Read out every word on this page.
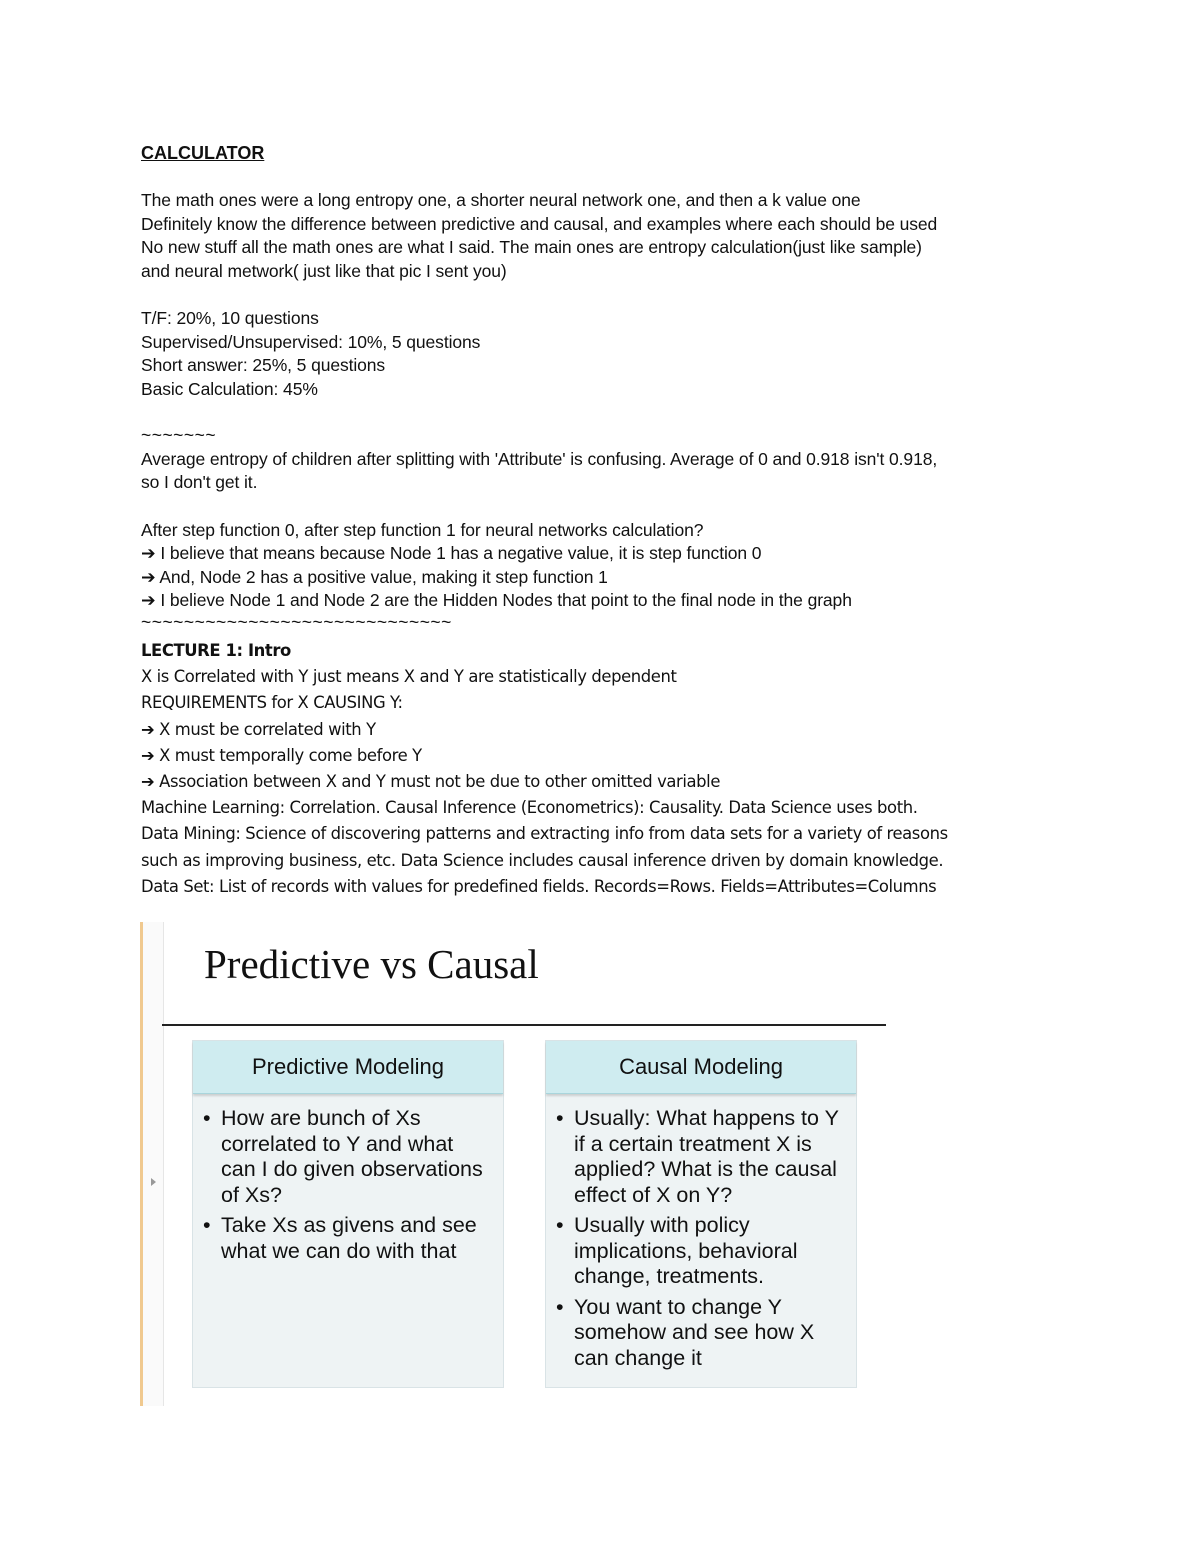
CALCULATOR

The math ones were a long entropy one, a shorter neural network one, and then a k value one

Definitely know the difference between predictive and causal, and examples where each should be used

No new stuff all the math ones are what I said. The main ones are entropy calculation(just like sample)

and neural metwork( just like that pic I sent you)

T/F: 20%, 10 questions

Supervised/Unsupervised: 10%, 5 questions

Short answer: 25%, 5 questions

Basic Calculation: 45%

~~~~~~~

Average entropy of children after splitting with 'Attribute' is confusing. Average of 0 and 0.918 isn't 0.918,

so I don't get it.

After step function 0, after step function 1 for neural networks calculation?

➔ I believe that means because Node 1 has a negative value, it is step function 0

➔ And, Node 2 has a positive value, making it step function 1

➔ I believe Node 1 and Node 2 are the Hidden Nodes that point to the final node in the graph

~~~~~~~~~~~~~~~~~~~~~~~~~~~~~

LECTURE 1: Intro

X is Correlated with Y just means X and Y are statistically dependent

REQUIREMENTS for X CAUSING Y:

➔ X must be correlated with Y

➔ X must temporally come before Y

➔ Association between X and Y must not be due to other omitted variable

Machine Learning: Correlation. Causal Inference (Econometrics): Causality. Data Science uses both.

Data Mining: Science of discovering patterns and extracting info from data sets for a variety of reasons

such as improving business, etc. Data Science includes causal inference driven by domain knowledge.

Data Set: List of records with values for predefined fields. Records=Rows. Fields=Attributes=Columns

Predictive vs Causal
Predictive Modeling
• How are bunch of Xs correlated to Y and what can I do given observations of Xs?
• Take Xs as givens and see what we can do with that
Causal Modeling
• Usually: What happens to Y if a certain treatment X is applied? What is the causal effect of X on Y?
• Usually with policy implications, behavioral change, treatments.
• You want to change Y somehow and see how X can change it
